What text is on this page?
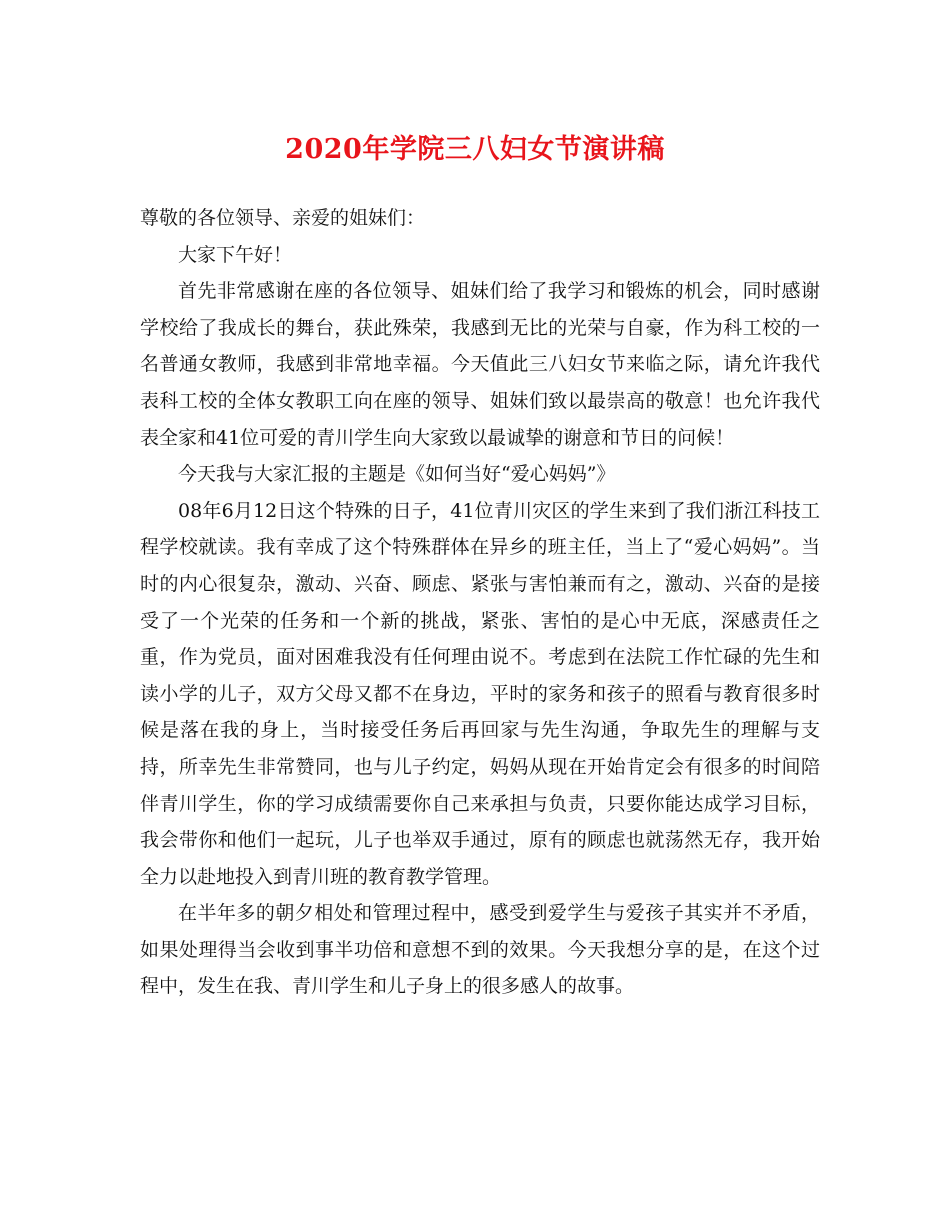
2020年学院三八妇女节演讲稿

尊敬的各位领导、亲爱的姐妹们：

大家下午好！

首先非常感谢在座的各位领导、姐妹们给了我学习和锻炼的机会，同时感谢学校给了我成长的舞台，获此殊荣，我感到无比的光荣与自豪，作为科工校的一名普通女教师，我感到非常地幸福。今天值此三八妇女节来临之际，请允许我代表科工校的全体女教职工向在座的领导、姐妹们致以最崇高的敬意！也允许我代表全家和41位可爱的青川学生向大家致以最诚挚的谢意和节日的问候！

今天我与大家汇报的主题是《如何当好“爱心妈妈”》

08年6月12日这个特殊的日子，41位青川灾区的学生来到了我们浙江科技工程学校就读。我有幸成了这个特殊群体在异乡的班主任，当上了“爱心妈妈”。当时的内心很复杂，激动、兴奋、顾虑、紧张与害怕兼而有之，激动、兴奋的是接受了一个光荣的任务和一个新的挑战，紧张、害怕的是心中无底，深感责任之重，作为党员，面对困难我没有任何理由说不。考虑到在法院工作忙碌的先生和读小学的儿子，双方父母又都不在身边，平时的家务和孩子的照看与教育很多时候是落在我的身上，当时接受任务后再回家与先生沟通，争取先生的理解与支持，所幸先生非常赞同，也与儿子约定，妈妈从现在开始肯定会有很多的时间陪伴青川学生，你的学习成绩需要你自己来承担与负责，只要你能达成学习目标，我会带你和他们一起玩，儿子也举双手通过，原有的顾虑也就荡然无存，我开始全力以赴地投入到青川班的教育教学管理。

在半年多的朝夕相处和管理过程中，感受到爱学生与爱孩子其实并不矛盾，如果处理得当会收到事半功倍和意想不到的效果。今天我想分享的是，在这个过程中，发生在我、青川学生和儿子身上的很多感人的故事。
